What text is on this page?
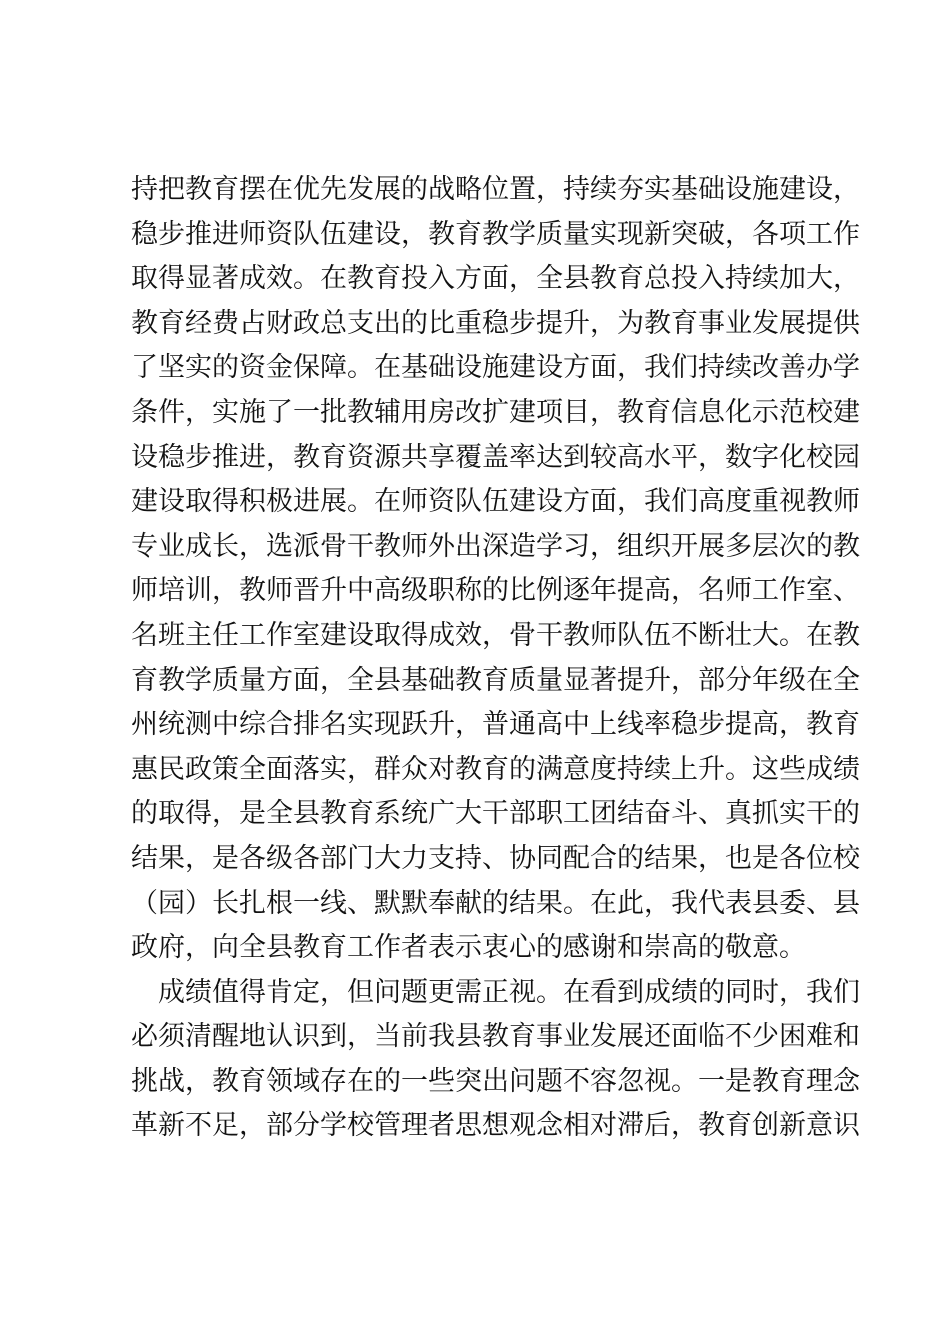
持把教育摆在优先发展的战略位置，持续夯实基础设施建设，
稳步推进师资队伍建设，教育教学质量实现新突破，各项工作
取得显著成效。在教育投入方面，全县教育总投入持续加大，
教育经费占财政总支出的比重稳步提升，为教育事业发展提供
了坚实的资金保障。在基础设施建设方面，我们持续改善办学
条件，实施了一批教辅用房改扩建项目，教育信息化示范校建
设稳步推进，教育资源共享覆盖率达到较高水平，数字化校园
建设取得积极进展。在师资队伍建设方面，我们高度重视教师
专业成长，选派骨干教师外出深造学习，组织开展多层次的教
师培训，教师晋升中高级职称的比例逐年提高，名师工作室、
名班主任工作室建设取得成效，骨干教师队伍不断壮大。在教
育教学质量方面，全县基础教育质量显著提升，部分年级在全
州统测中综合排名实现跃升，普通高中上线率稳步提高，教育
惠民政策全面落实，群众对教育的满意度持续上升。这些成绩
的取得，是全县教育系统广大干部职工团结奋斗、真抓实干的
结果，是各级各部门大力支持、协同配合的结果，也是各位校
（园）长扎根一线、默默奉献的结果。在此，我代表县委、县
政府，向全县教育工作者表示衷心的感谢和崇高的敬意。
成绩值得肯定，但问题更需正视。在看到成绩的同时，我们
必须清醒地认识到，当前我县教育事业发展还面临不少困难和
挑战，教育领域存在的一些突出问题不容忽视。一是教育理念
革新不足，部分学校管理者思想观念相对滞后，教育创新意识
